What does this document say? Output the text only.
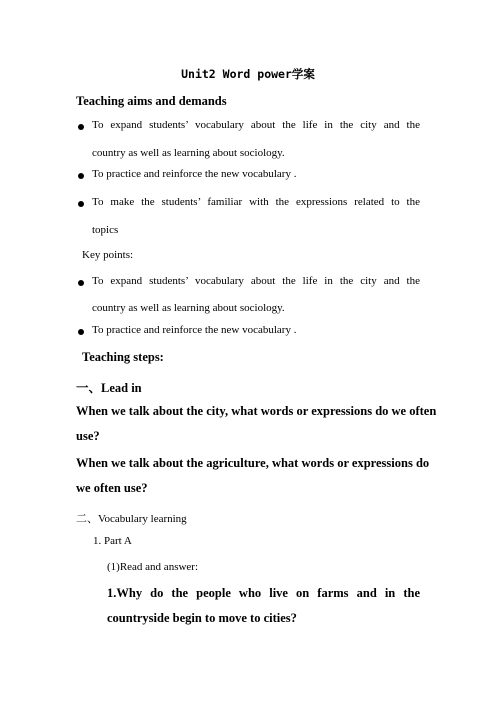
Unit2 Word power学案
Teaching aims and demands
To expand students’ vocabulary about the life in the city and the
country as well as learning about sociology.
To practice and reinforce the new vocabulary .
To make the students’ familiar with the expressions related to the
topics
Key points:
To expand students’ vocabulary about the life in the city and the
country as well as learning about sociology.
To practice and reinforce the new vocabulary .
Teaching steps:
一、Lead in
When we talk about the city, what words or expressions do we often
use?
When we talk about the agriculture, what words or expressions do
we often use?
二、Vocabulary learning
1. Part A
(1)Read and answer:
1.Why do the people who live on farms and in the
countryside begin to move to cities?
